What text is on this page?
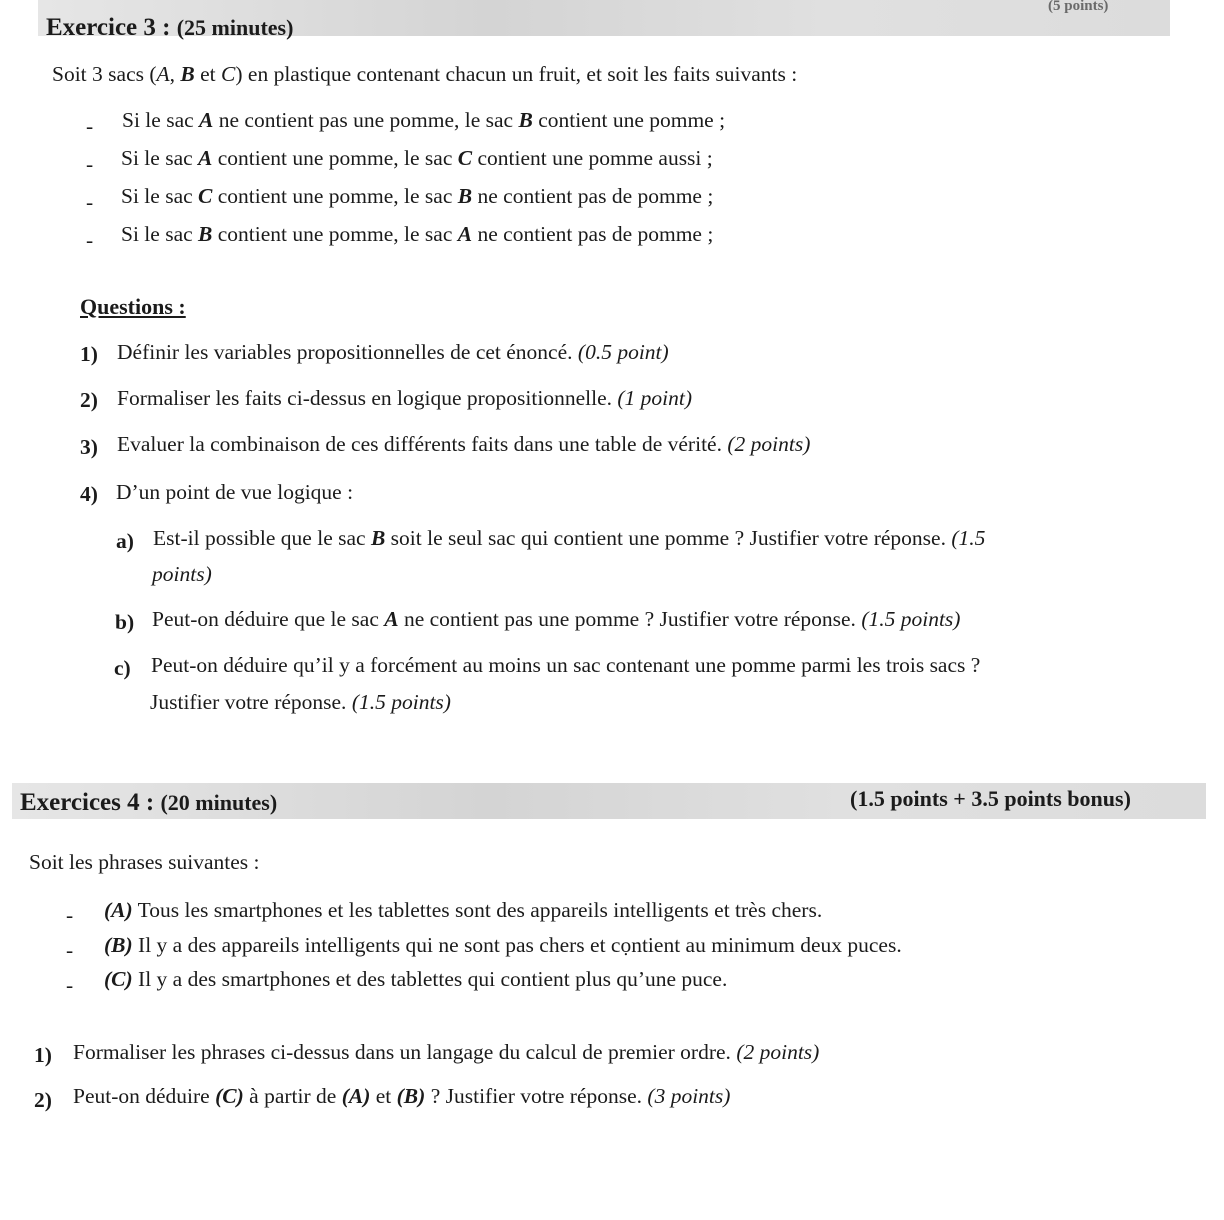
Exercice 3 : (25 minutes)
(5 points)
Soit 3 sacs (A, B et C) en plastique contenant chacun un fruit, et soit les faits suivants :
- Si le sac A ne contient pas une pomme, le sac B contient une pomme ;
- Si le sac A contient une pomme, le sac C contient une pomme aussi ;
- Si le sac C contient une pomme, le sac B ne contient pas de pomme ;
- Si le sac B contient une pomme, le sac A ne contient pas de pomme ;
Questions :
1) Définir les variables propositionnelles de cet énoncé. (0.5 point)
2) Formaliser les faits ci-dessus en logique propositionnelle. (1 point)
3) Evaluer la combinaison de ces différents faits dans une table de vérité. (2 points)
4) D’un point de vue logique :
a) Est-il possible que le sac B soit le seul sac qui contient une pomme ? Justifier votre réponse. (1.5
points)
b) Peut-on déduire que le sac A ne contient pas une pomme ? Justifier votre réponse. (1.5 points)
c) Peut-on déduire qu’il y a forcément au moins un sac contenant une pomme parmi les trois sacs ?
Justifier votre réponse. (1.5 points)
Exercices 4 : (20 minutes)	(1.5 points + 3.5 points bonus)
Soit les phrases suivantes :
- (A) Tous les smartphones et les tablettes sont des appareils intelligents et très chers.
- (B) Il y a des appareils intelligents qui ne sont pas chers et cọntient au minimum deux puces.
- (C) Il y a des smartphones et des tablettes qui contient plus qu’une puce.
1) Formaliser les phrases ci-dessus dans un langage du calcul de premier ordre. (2 points)
2) Peut-on déduire (C) à partir de (A) et (B) ? Justifier votre réponse. (3 points)
